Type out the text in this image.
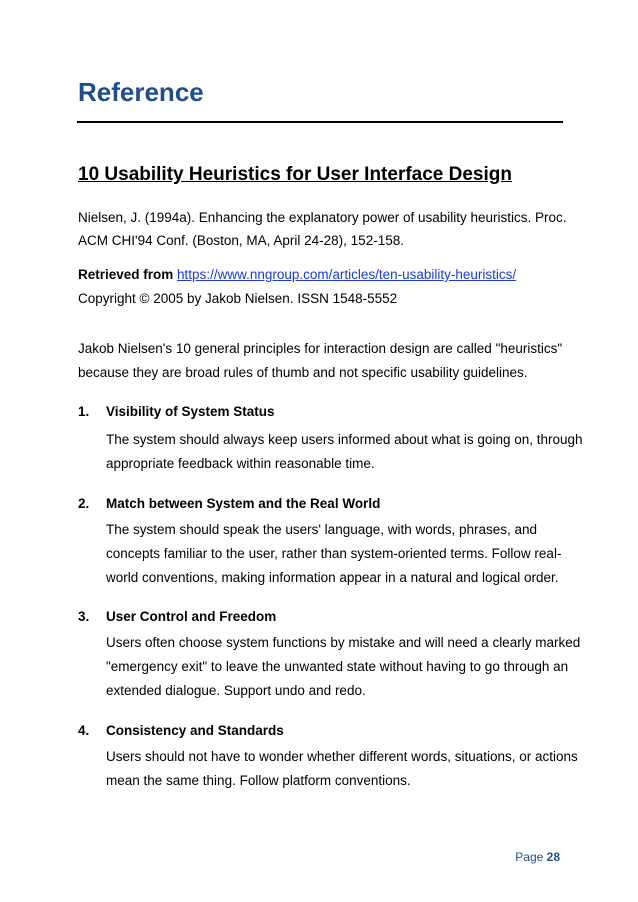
Reference
10 Usability Heuristics for User Interface Design

Nielsen, J. (1994a). Enhancing the explanatory power of usability heuristics. Proc.

ACM CHI'94 Conf. (Boston, MA, April 24-28), 152-158.

Retrieved from https://www.nngroup.com/articles/ten-usability-heuristics/

Copyright © 2005 by Jakob Nielsen. ISSN 1548-5552

Jakob Nielsen's 10 general principles for interaction design are called "heuristics"

because they are broad rules of thumb and not specific usability guidelines.

1. Visibility of System Status

The system should always keep users informed about what is going on, through

appropriate feedback within reasonable time.

2. Match between System and the Real World

The system should speak the users' language, with words, phrases, and

concepts familiar to the user, rather than system-oriented terms. Follow real-

world conventions, making information appear in a natural and logical order.

3. User Control and Freedom

Users often choose system functions by mistake and will need a clearly marked

"emergency exit" to leave the unwanted state without having to go through an

extended dialogue. Support undo and redo.

4. Consistency and Standards

Users should not have to wonder whether different words, situations, or actions

mean the same thing. Follow platform conventions.

Page 28
